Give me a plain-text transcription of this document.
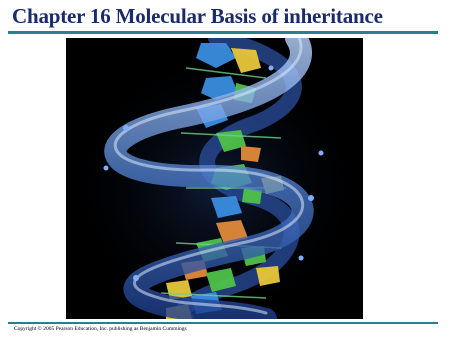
Chapter 16 Molecular Basis of inheritance
Copyright © 2005 Pearson Education, Inc. publishing as Benjamin Cummings
